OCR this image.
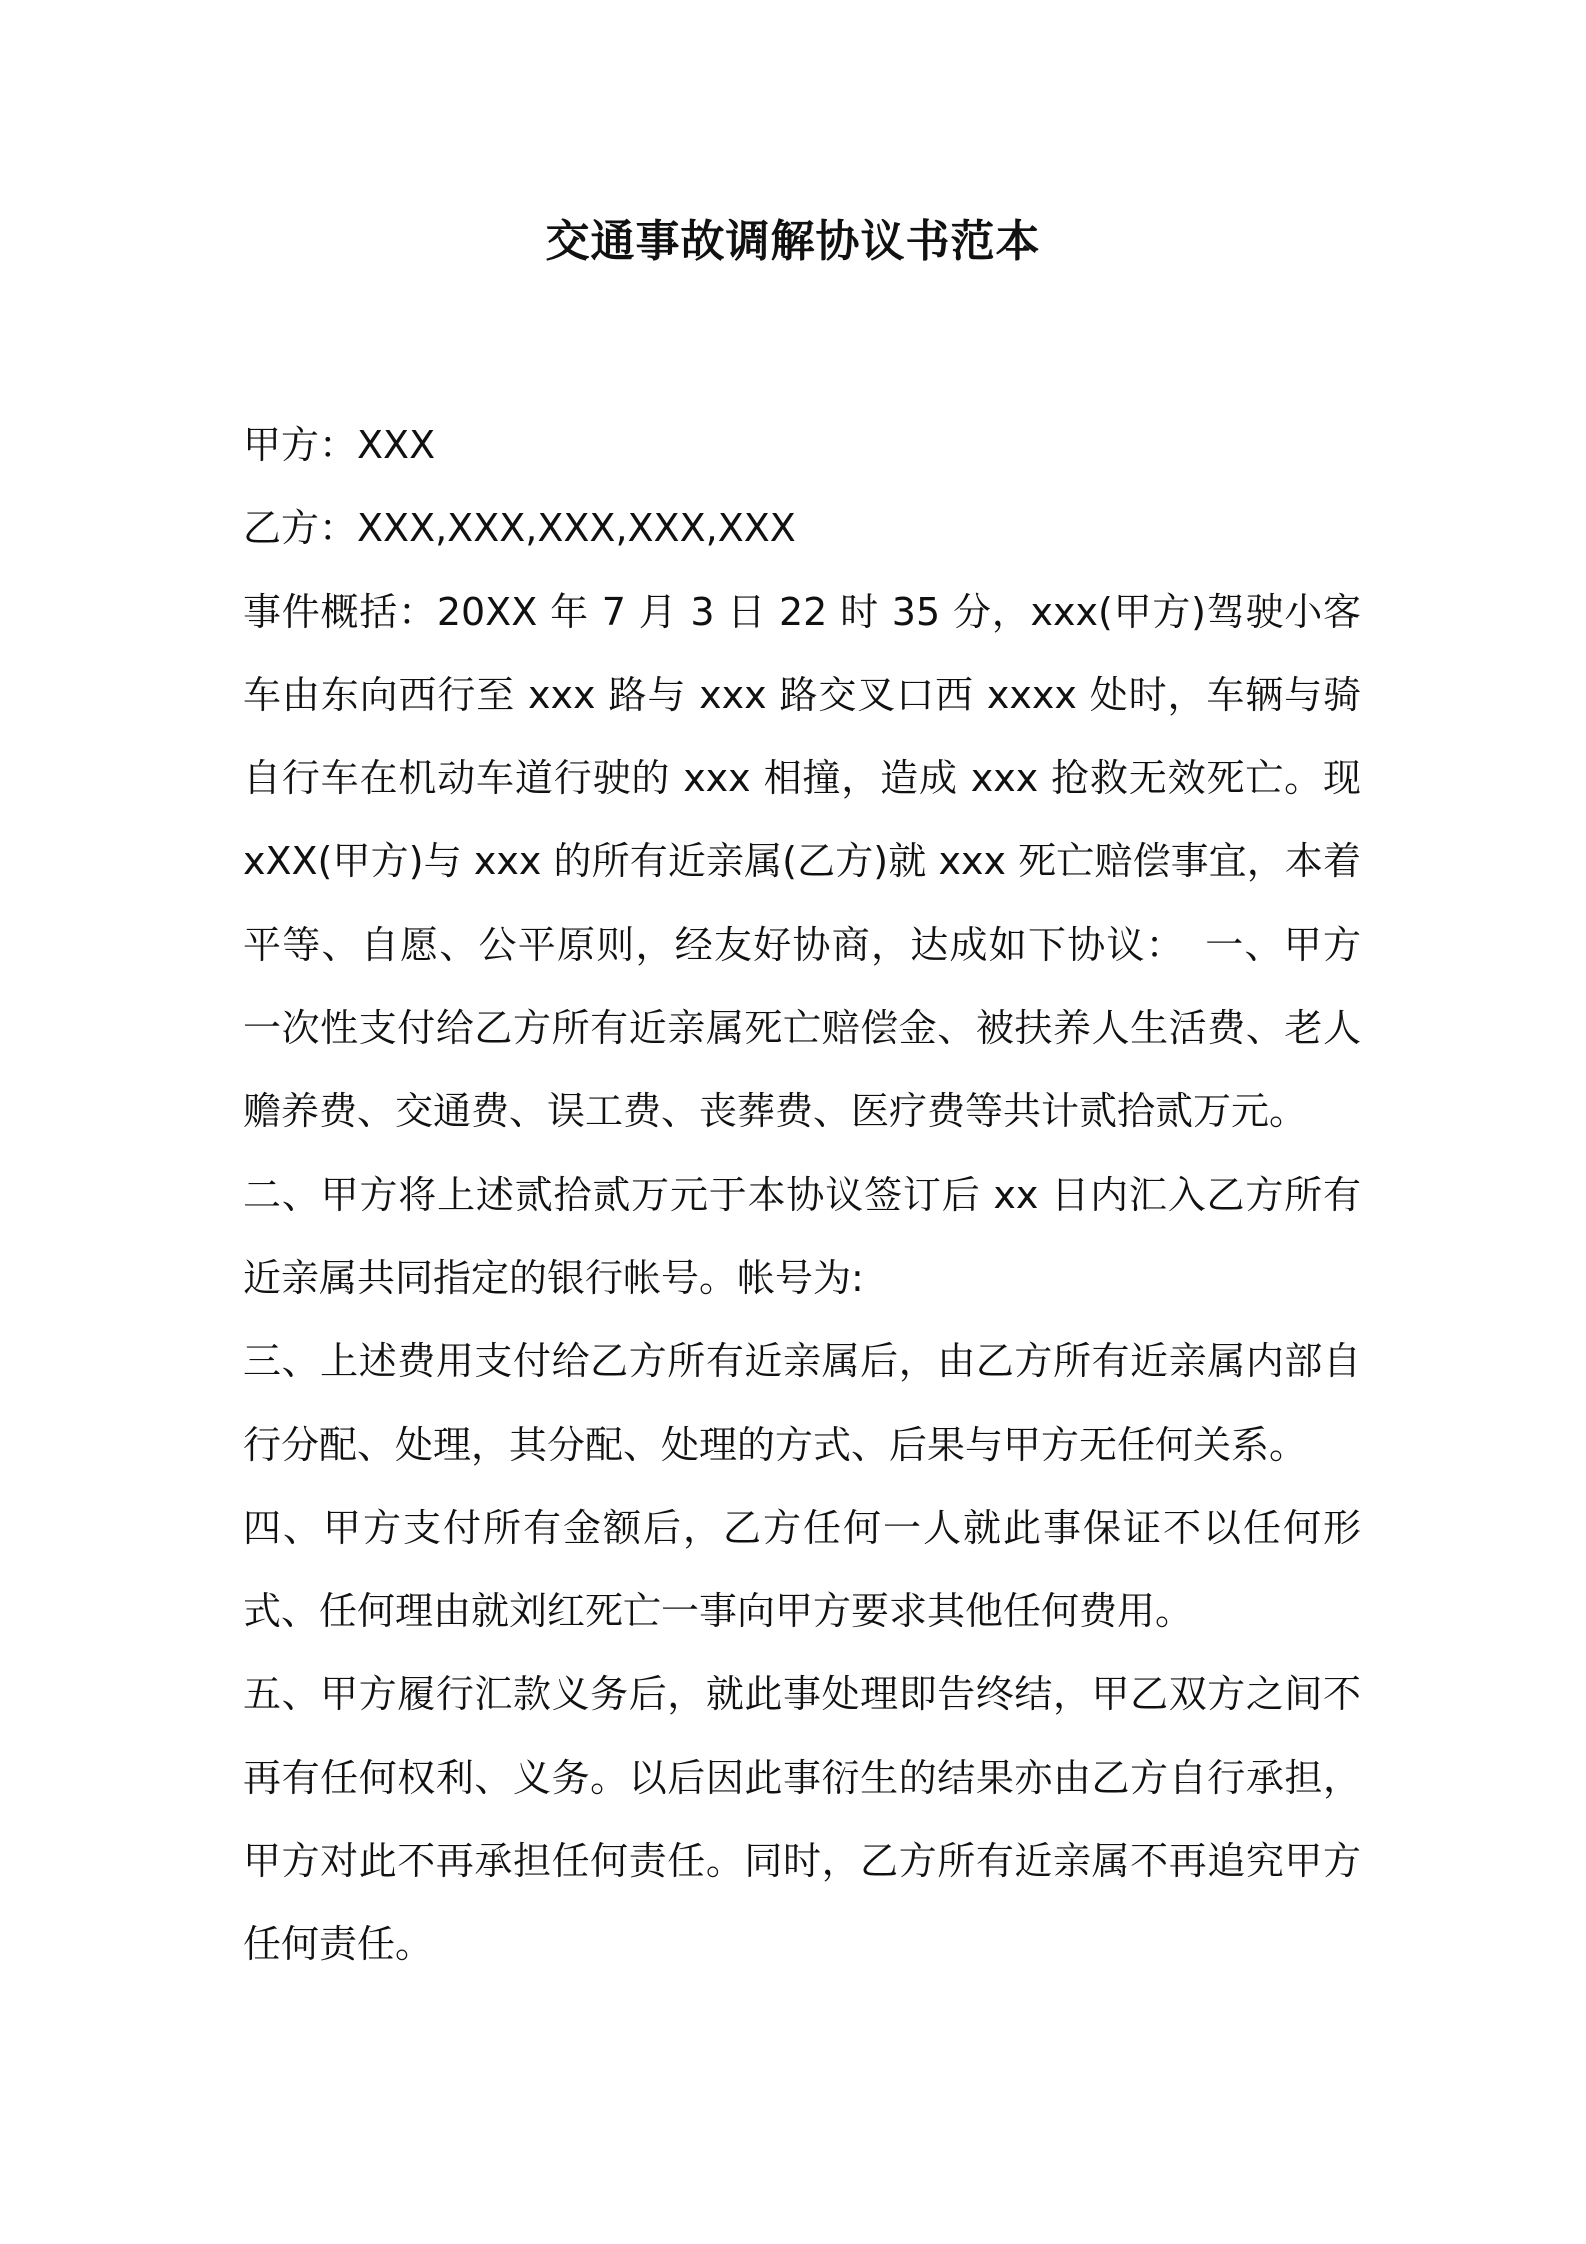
交通事故调解协议书范本

甲方：XXX

乙方：XXX,XXX,XXX,XXX,XXX

事件概括：20XX 年 7 月 3 日 22 时 35 分，xxx(甲方)驾驶小客车由东向西行至 xxx 路与 xxx 路交叉口西 xxxx 处时，车辆与骑自行车在机动车道行驶的 xxx 相撞，造成 xxx 抢救无效死亡。现 xXX(甲方)与 xxx 的所有近亲属(乙方)就 xxx 死亡赔偿事宜，本着平等、自愿、公平原则，经友好协商，达成如下协议：　一、甲方一次性支付给乙方所有近亲属死亡赔偿金、被扶养人生活费、老人赡养费、交通费、误工费、丧葬费、医疗费等共计贰拾贰万元。

二、甲方将上述贰拾贰万元于本协议签订后 xx 日内汇入乙方所有近亲属共同指定的银行帐号。帐号为:

三、上述费用支付给乙方所有近亲属后，由乙方所有近亲属内部自行分配、处理，其分配、处理的方式、后果与甲方无任何关系。

四、甲方支付所有金额后，乙方任何一人就此事保证不以任何形式、任何理由就刘红死亡一事向甲方要求其他任何费用。

五、甲方履行汇款义务后，就此事处理即告终结，甲乙双方之间不再有任何权利、义务。以后因此事衍生的结果亦由乙方自行承担，甲方对此不再承担任何责任。同时，乙方所有近亲属不再追究甲方任何责任。
